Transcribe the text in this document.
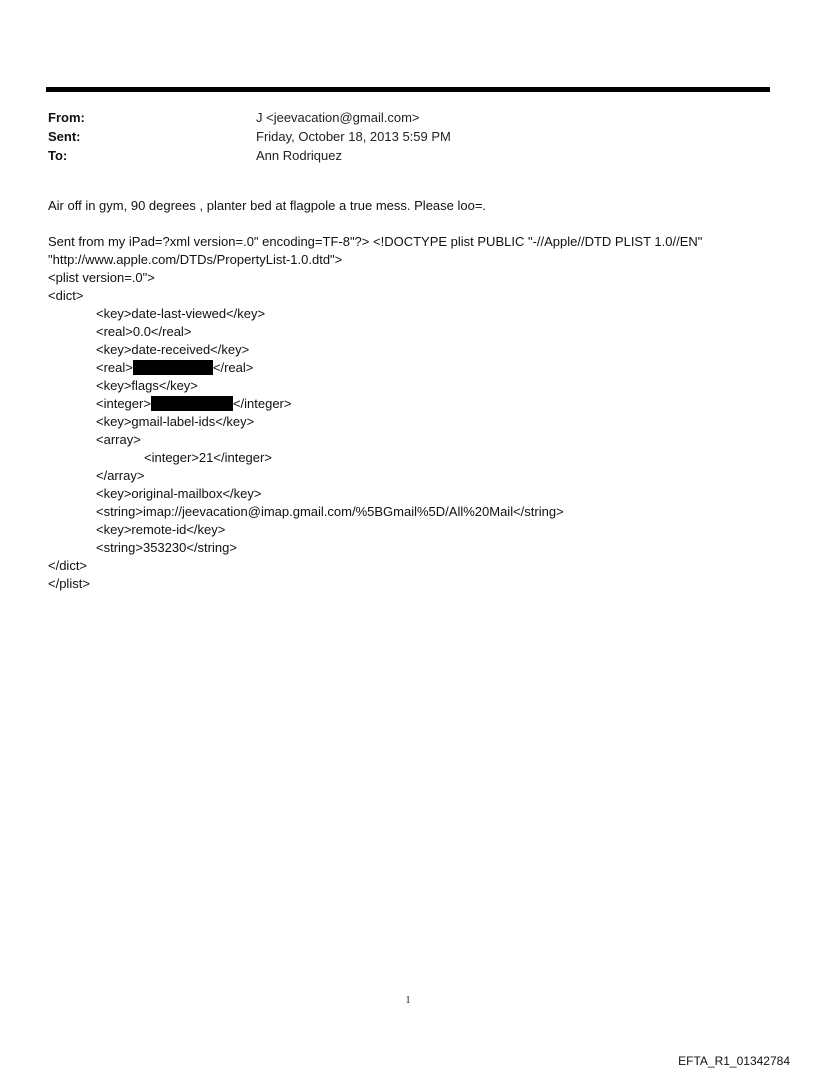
From:	J <jeevacation@gmail.com>
Sent:	Friday, October 18, 2013 5:59 PM
To:	Ann Rodriquez
Air off in gym, 90 degrees , planter bed at flagpole a true mess. Please loo=.
Sent from my iPad=?xml version=.0" encoding=TF-8"?> <!DOCTYPE plist PUBLIC "-//Apple//DTD PLIST 1.0//EN"
"http://www.apple.com/DTDs/PropertyList-1.0.dtd">
<plist version=.0">
<dict>
<key>date-last-viewed</key>
<real>0.0</real>
<key>date-received</key>
<real>	</real>
<key>flags</key>
<integer>	</integer>
<key>gmail-label-ids</key>
<array>
<integer>21</integer>
</array>
<key>original-mailbox</key>
<string>imap://jeevacation@imap.gmail.com/%5BGmail%5D/All%20Mail</string>
<key>remote-id</key>
<string>353230</string>
</dict>
</plist>
1
EFTA_R1_01342784
